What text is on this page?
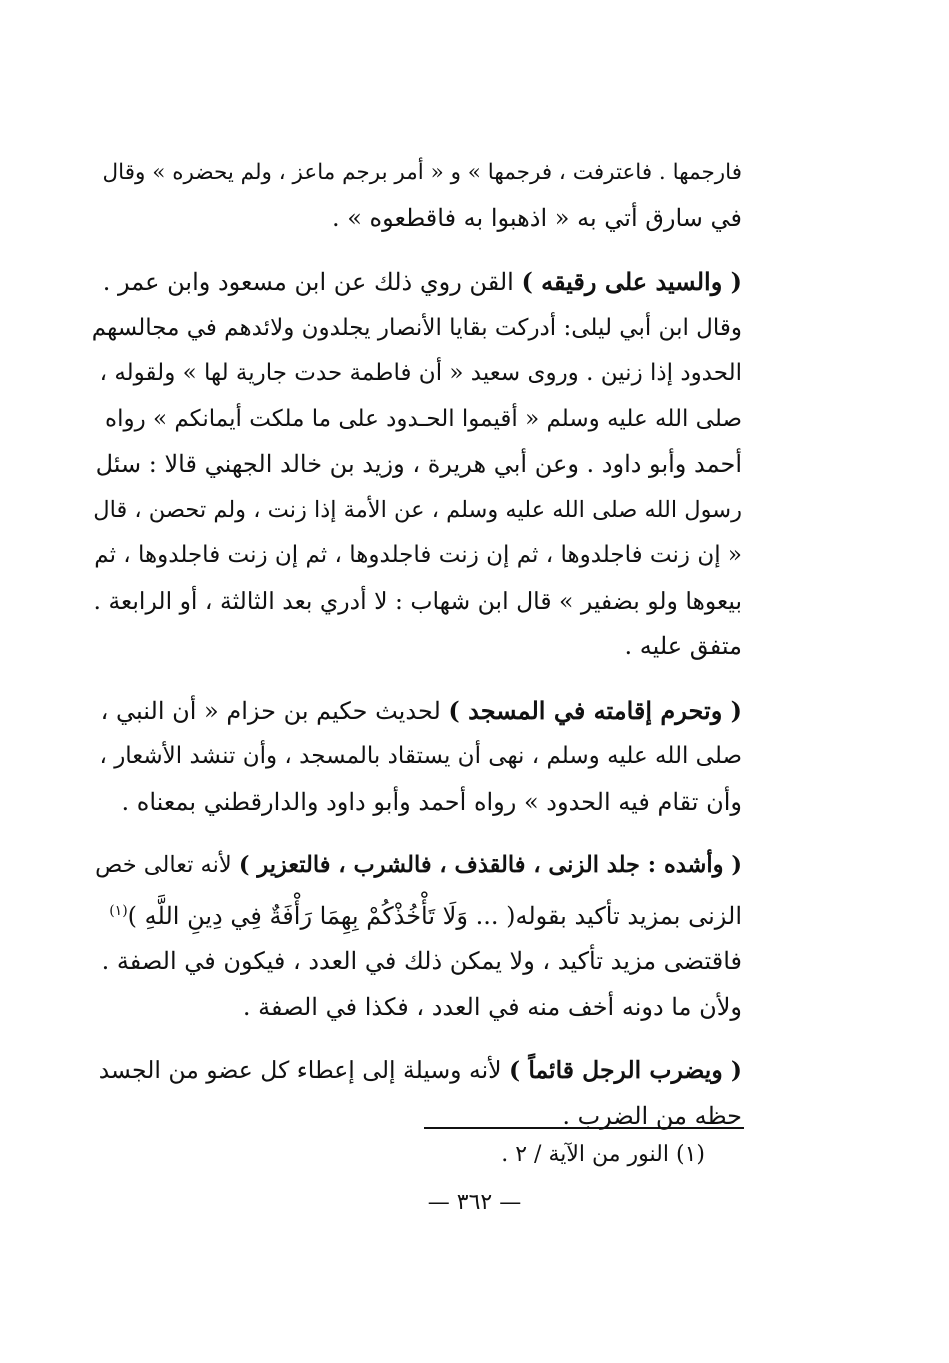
فارجمها . فاعترفت ، فرجمها » و « أمر برجم ماعز ، ولم يحضره » وقال
في سارق أتي به « اذهبوا به فاقطعوه » .

( والسيد على رقيقه ) القن روي ذلك عن ابن مسعود وابن عمر .
وقال ابن أبي ليلى: أدركت بقايا الأنصار يجلدون ولائدهم في مجالسهم
الحدود إذا زنين . وروى سعيد « أن فاطمة حدت جارية لها » ولقوله ،
صلى الله عليه وسلم « أقيموا الحـدود على ما ملكت أيمانكم » رواه
أحمد وأبو داود . وعن أبي هريرة ، وزيد بن خالد الجهني قالا : سئل
رسول الله صلى الله عليه وسلم ، عن الأمة إذا زنت ، ولم تحصن ، قال
« إن زنت فاجلدوها ، ثم إن زنت فاجلدوها ، ثم إن زنت فاجلدوها ، ثم
بيعوها ولو بضفير » قال ابن شهاب : لا أدري بعد الثالثة ، أو الرابعة .
متفق عليه .

( وتحرم إقامته في المسجد ) لحديث حكيم بن حزام « أن النبي ،
صلى الله عليه وسلم ، نهى أن يستقاد بالمسجد ، وأن تنشد الأشعار ،
وأن تقام فيه الحدود » رواه أحمد وأبو داود والدارقطني بمعناه .

( وأشده : جلد الزنى ، فالقذف ، فالشرب ، فالتعزير ) لأنه تعالى خص
الزنى بمزيد تأكيد بقوله( ... وَلَا تَأْخُذْكُمْ بِهِمَا رَأْفَةٌ فِي دِينِ اللَّهِ )$^{(١)}$
فاقتضى مزيد تأكيد ، ولا يمكن ذلك في العدد ، فيكون في الصفة .
ولأن ما دونه أخف منه في العدد ، فكذا في الصفة .

( ويضرب الرجل قائماً ) لأنه وسيلة إلى إعطاء كل عضو من الجسد
حظه من الضرب .

(١) النور من الآية / ٢ .
— ٣٦٢ —
